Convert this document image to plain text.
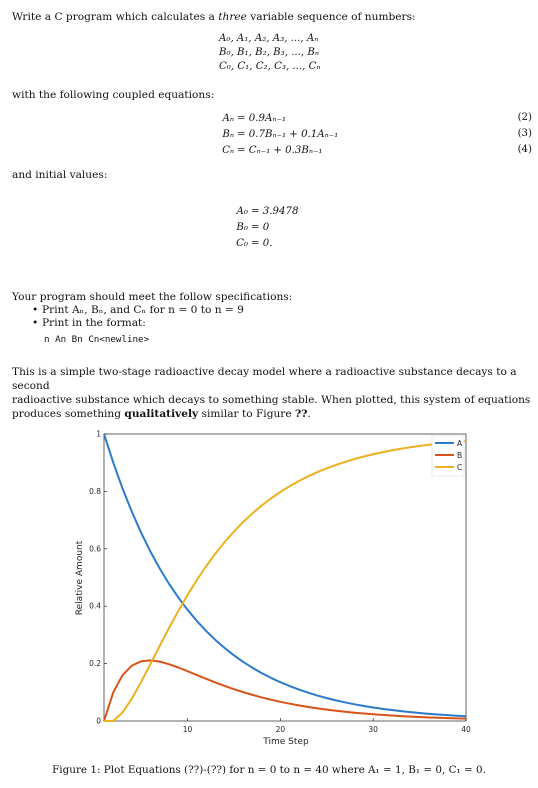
Write a C program which calculates a three variable sequence of numbers:
A₀, A₁, A₂, A₃, ..., Aₙ
B₀, B₁, B₂, B₃, ..., Bₙ
C₀, C₁, C₂, C₃, ..., Cₙ
with the following coupled equations:
Aₙ = 0.9Aₙ₋₁	(2)
Bₙ = 0.7Bₙ₋₁ + 0.1Aₙ₋₁	(3)
Cₙ = Cₙ₋₁ + 0.3Bₙ₋₁	(4)
and initial values:
A₀ = 3.9478
B₀ = 0
C₀ = 0.
Your program should meet the follow specifications:
• Print Aₙ, Bₙ, and Cₙ for n = 0 to n = 9
• Print in the format:
n An Bn Cn<newline>
This is a simple two-stage radioactive decay model where a radioactive substance decays to a second
radioactive substance which decays to something stable. When plotted, this system of equations
produces something qualitatively similar to Figure ??.
10	20	30	40
0
0.2
0.4
0.6
0.8
1
Time Step
Relative Amount
A
B
C
Figure 1: Plot Equations (??)-(??) for n = 0 to n = 40 where A₁ = 1, B₁ = 0, C₁ = 0.
